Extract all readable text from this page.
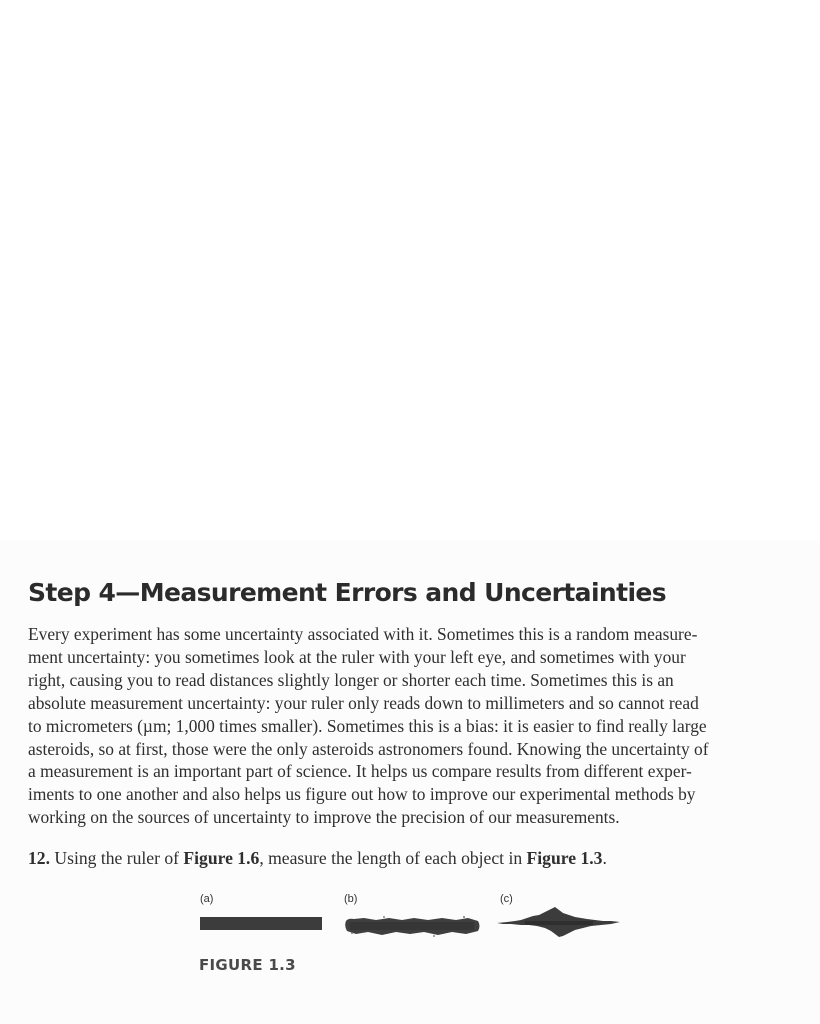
Step 4—Measurement Errors and Uncertainties

Every experiment has some uncertainty associated with it. Sometimes this is a random measure-
ment uncertainty: you sometimes look at the ruler with your left eye, and sometimes with your
right, causing you to read distances slightly longer or shorter each time. Sometimes this is an
absolute measurement uncertainty: your ruler only reads down to millimeters and so cannot read
to micrometers (µm; 1,000 times smaller). Sometimes this is a bias: it is easier to find really large
asteroids, so at first, those were the only asteroids astronomers found. Knowing the uncertainty of
a measurement is an important part of science. It helps us compare results from different exper-
iments to one another and also helps us figure out how to improve our experimental methods by
working on the sources of uncertainty to improve the precision of our measurements.

12. Using the ruler of Figure 1.6, measure the length of each object in Figure 1.3.

(a)	(b)	(c)
FIGURE 1.3
